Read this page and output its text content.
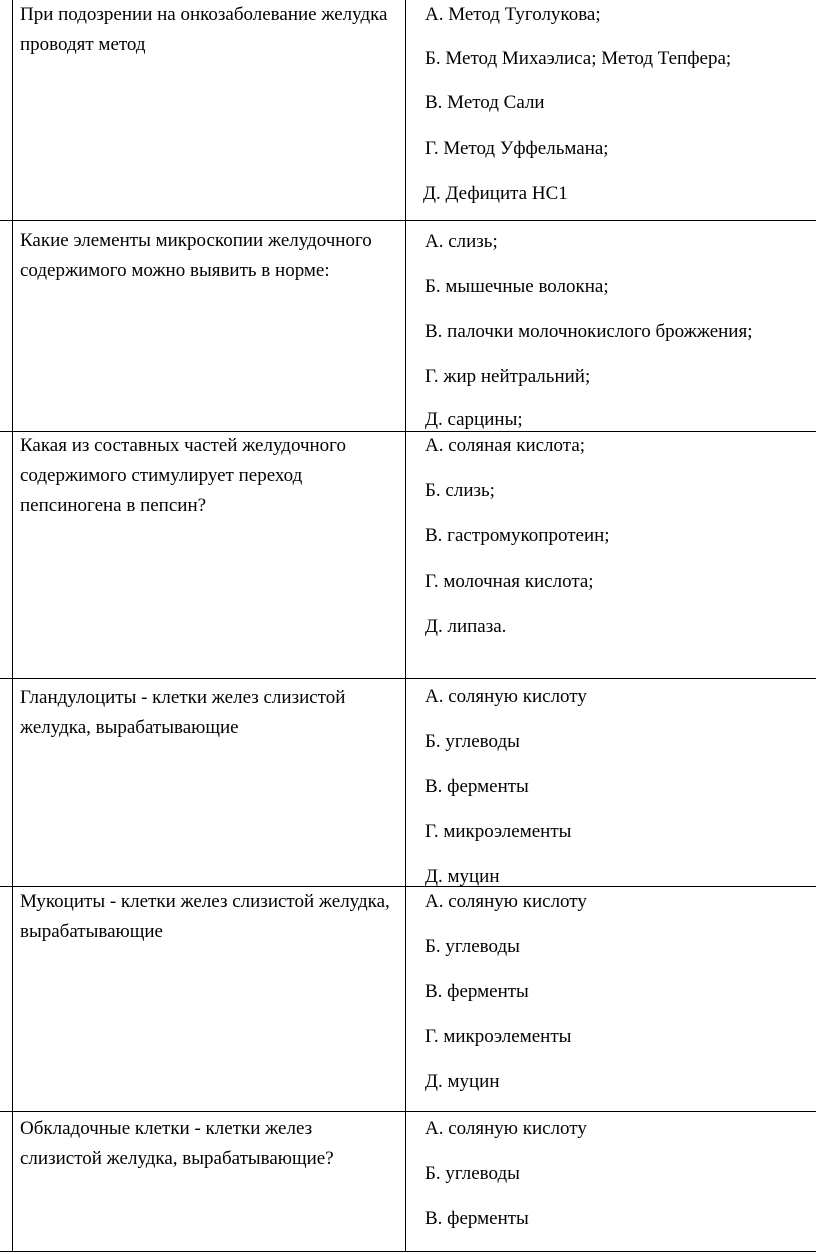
При подозрении на онкозаболевание желудка проводят метод
А. Метод Туголукова;
Б. Метод Михаэлиса; Метод Тепфера;
В. Метод Сали
Г. Метод Уффельмана;
Д. Дефицита НС1
Какие элементы микроскопии желудочного содержимого можно выявить в норме:
А. слизь;
Б. мышечные волокна;
В. палочки молочнокислого брожжения;
Г. жир нейтральний;
Д. сарцины;
Какая из составных частей желудочного содержимого стимулирует переход пепсиногена в пепсин?
А. соляная кислота;
Б. слизь;
В. гастромукопротеин;
Г. молочная кислота;
Д. липаза.
Гландулоциты - клетки желез слизистой желудка, вырабатывающие
А. соляную кислоту
Б. углеводы
В. ферменты
Г. микроэлементы
Д. муцин
Мукоциты - клетки желез слизистой желудка, вырабатывающие
А. соляную кислоту
Б. углеводы
В. ферменты
Г. микроэлементы
Д. муцин
Обкладочные клетки - клетки желез слизистой желудка, вырабатывающие?
А. соляную кислоту
Б. углеводы
В. ферменты
